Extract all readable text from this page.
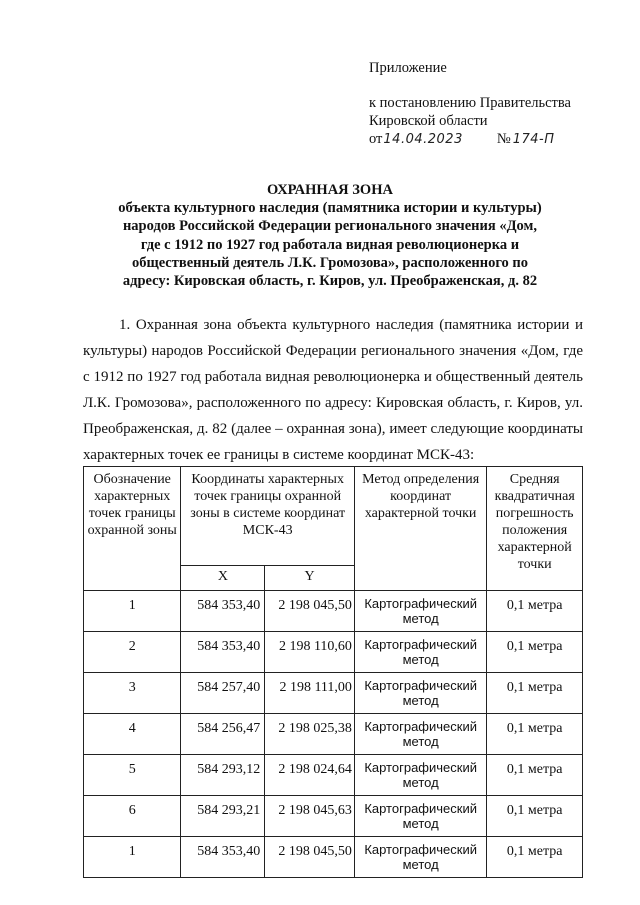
Приложение
к постановлению Правительства
Кировской области
от14.04.2023 № 174-П
ОХРАННАЯ ЗОНА
объекта культурного наследия (памятника истории и культуры)
народов Российской Федерации регионального значения «Дом,
где с 1912 по 1927 год работала видная революционерка и
общественный деятель Л.К. Громозова», расположенного по
адресу: Кировская область, г. Киров, ул. Преображенская, д. 82
1. Охранная зона объекта культурного наследия (памятника истории и культуры) народов Российской Федерации регионального значения «Дом, где с 1912 по 1927 год работала видная революционерка и общественный деятель Л.К. Громозова», расположенного по адресу: Кировская область, г. Киров, ул. Преображенская, д. 82 (далее – охранная зона), имеет следующие координаты характерных точек ее границы в системе координат МСК-43:
Обозначение характерных точек границы охранной зоны	Координаты характерных точек границы охранной зоны в системе координат МСК-43		Метод определения координат характерной точки	Средняя квадратичная погрешность положения характерной точки
	X	Y		
1	584 353,40	2 198 045,50	Картографический метод	0,1 метра
2	584 353,40	2 198 110,60	Картографический метод	0,1 метра
3	584 257,40	2 198 111,00	Картографический метод	0,1 метра
4	584 256,47	2 198 025,38	Картографический метод	0,1 метра
5	584 293,12	2 198 024,64	Картографический метод	0,1 метра
6	584 293,21	2 198 045,63	Картографический метод	0,1 метра
1	584 353,40	2 198 045,50	Картографический метод	0,1 метра
